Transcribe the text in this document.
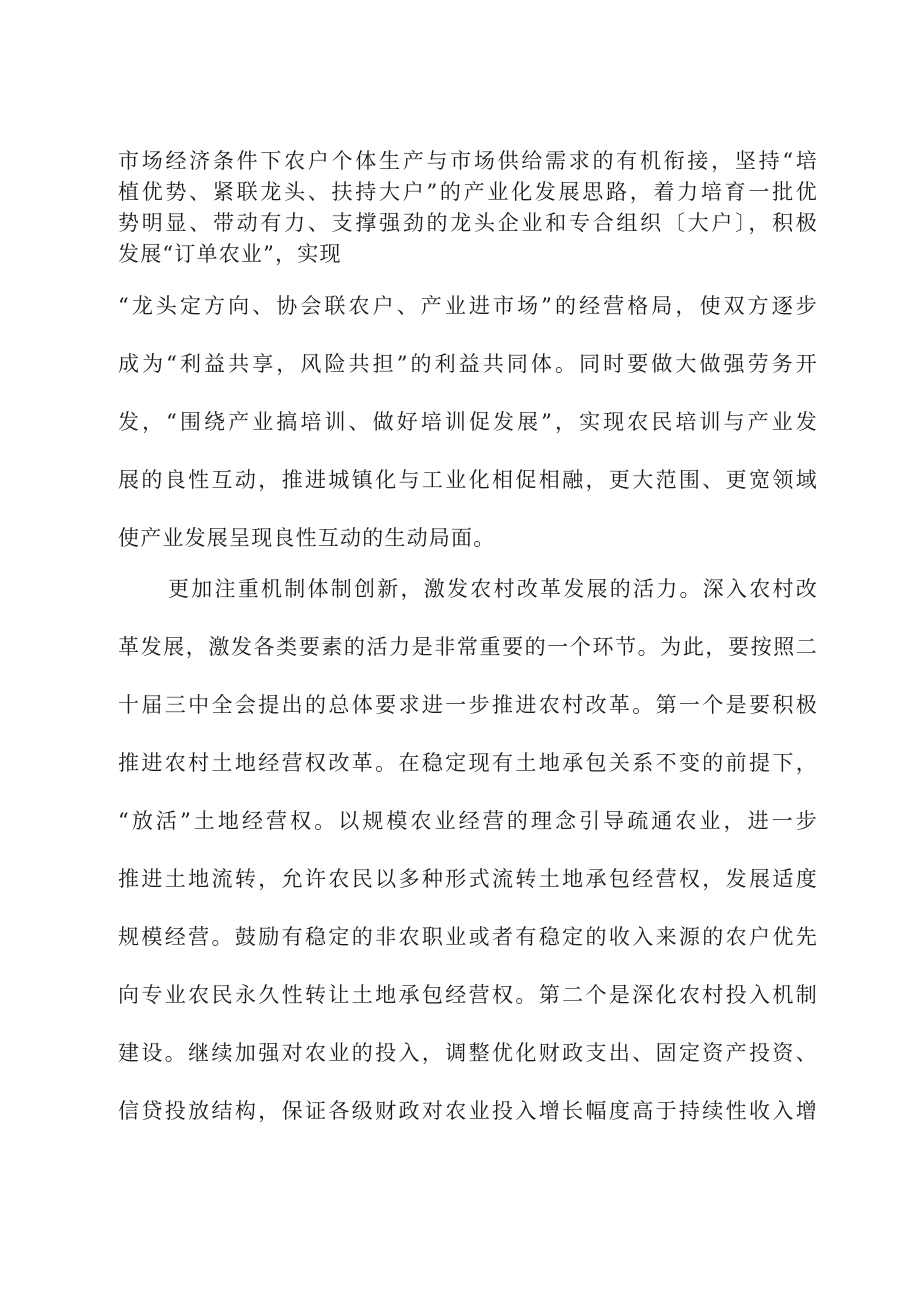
市场经济条件下农户个体生产与市场供给需求的有机衔接，坚持“培
植优势、紧联龙头、扶持大户”的产业化发展思路，着力培育一批优
势明显、带动有力、支撑强劲的龙头企业和专合组织〔大户〕，积极
发展“订单农业”，实现
“龙头定方向、协会联农户、产业进市场”的经营格局，使双方逐步
成为“利益共享，风险共担”的利益共同体。同时要做大做强劳务开
发，“围绕产业搞培训、做好培训促发展”，实现农民培训与产业发
展的良性互动，推进城镇化与工业化相促相融，更大范围、更宽领域
使产业发展呈现良性互动的生动局面。
更加注重机制体制创新，激发农村改革发展的活力。深入农村改
革发展，激发各类要素的活力是非常重要的一个环节。为此，要按照二
十届三中全会提出的总体要求进一步推进农村改革。第一个是要积极
推进农村土地经营权改革。在稳定现有土地承包关系不变的前提下，
“放活”土地经营权。以规模农业经营的理念引导疏通农业，进一步
推进土地流转，允许农民以多种形式流转土地承包经营权，发展适度
规模经营。鼓励有稳定的非农职业或者有稳定的收入来源的农户优先
向专业农民永久性转让土地承包经营权。第二个是深化农村投入机制
建设。继续加强对农业的投入，调整优化财政支出、固定资产投资、
信贷投放结构，保证各级财政对农业投入增长幅度高于持续性收入增
